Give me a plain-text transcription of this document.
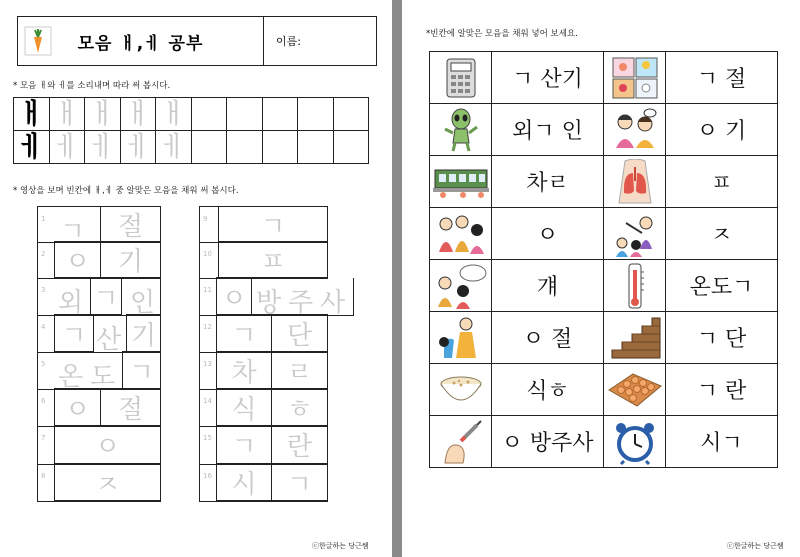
모음 ㅐ,ㅔ 공부	이름:
* 모음 ㅐ와 ㅔ를 소리내며 따라 써 봅시다.
ㅐ	ㅐ	ㅐ	ㅐ	ㅐ					
ㅔ	ㅔ	ㅔ	ㅔ	ㅔ					
* 영상을 보며 빈칸에 ㅐ,ㅔ 중 알맞은 모음을 채워 써 봅시다.
1 ㄱ	절
2 ㅇ	기
3 외 ㄱ 인
4 ㄱ 산 기
5 온 도 ㄱ
6 ㅇ	절
7	ㅇ
8	ㅈ
9	ㄱ
10	ㅍ
11 ㅇ 방 주 사
12 ㄱ	단
13 차	ㄹ
14 식	ㅎ
15 ㄱ	란
16 시	ㄱ
ⓒ한글하는 당근쌤
*빈칸에 알맞은 모음을 채워 넣어 보세요.
	ㄱ 산기		ㄱ 절

	외ㄱ 인		ㅇ 기

	차ㄹ		ㅍ

	ㅇ		ㅈ

	걔		온도ㄱ

	ㅇ 절		ㄱ 단

	식ㅎ		ㄱ 란

	ㅇ 방주사		시ㄱ
ⓒ한글하는 당근쌤
